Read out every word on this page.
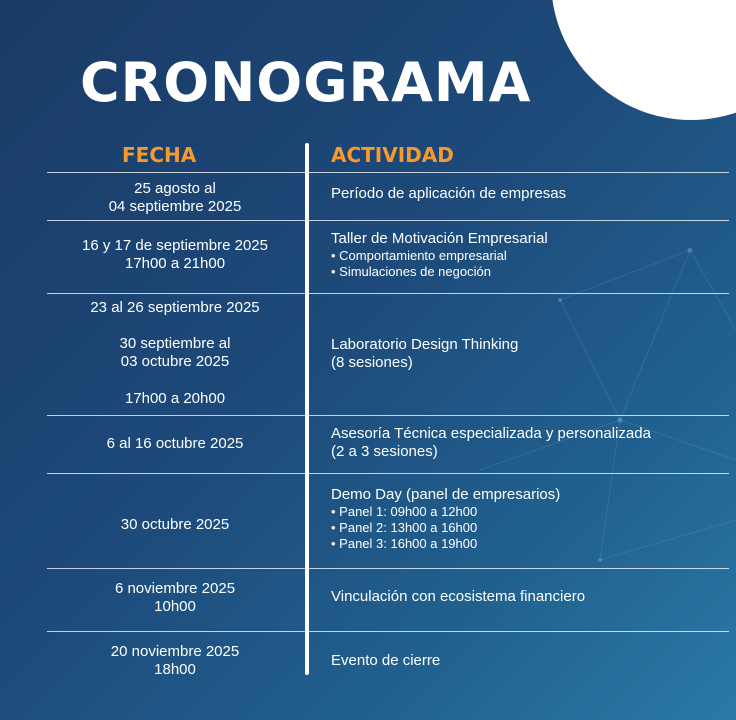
CRONOGRAMA
FECHA	ACTIVIDAD
25 agosto al
04 septiembre 2025
Período de aplicación de empresas
16 y 17 de septiembre 2025
17h00 a 21h00
Taller de Motivación Empresarial
• Comportamiento empresarial
• Simulaciones de negoción
23 al 26 septiembre 2025
30 septiembre al
03 octubre 2025
17h00 a 20h00
Laboratorio Design Thinking
(8 sesiones)
6 al 16 octubre 2025
Asesoría Técnica especializada y personalizada
(2 a 3 sesiones)
30 octubre 2025
Demo Day (panel de empresarios)
• Panel 1: 09h00 a 12h00
• Panel 2: 13h00 a 16h00
• Panel 3: 16h00 a 19h00
6 noviembre 2025
10h00
Vinculación con ecosistema financiero
20 noviembre 2025
18h00
Evento de cierre
